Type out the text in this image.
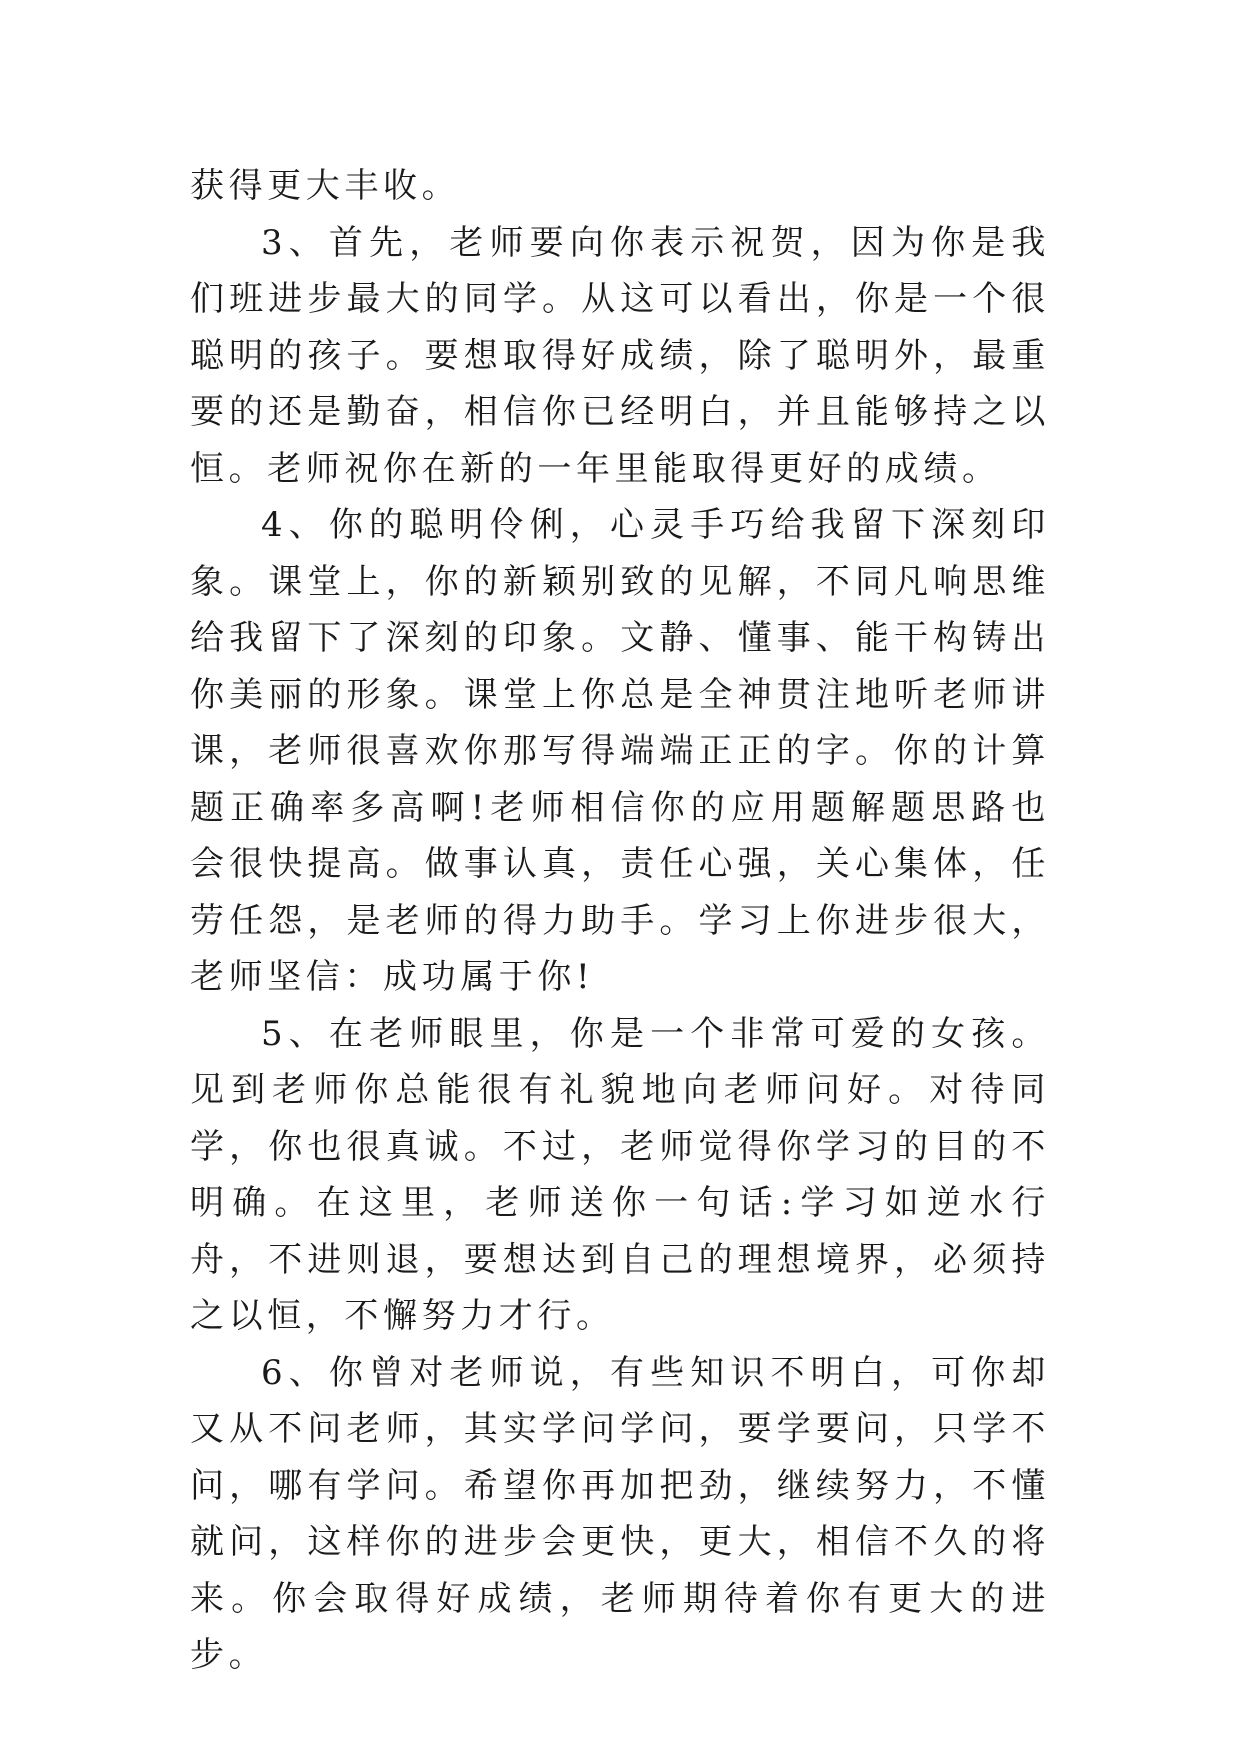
获得更大丰收。

3、首先，老师要向你表示祝贺，因为你是我们班进步最大的同学。从这可以看出，你是一个很聪明的孩子。要想取得好成绩，除了聪明外，最重要的还是勤奋，相信你已经明白，并且能够持之以恒。老师祝你在新的一年里能取得更好的成绩。

4、你的聪明伶俐，心灵手巧给我留下深刻印象。课堂上，你的新颖别致的见解，不同凡响思维给我留下了深刻的印象。文静、懂事、能干构铸出你美丽的形象。课堂上你总是全神贯注地听老师讲课，老师很喜欢你那写得端端正正的字。你的计算题正确率多高啊!老师相信你的应用题解题思路也会很快提高。做事认真，责任心强，关心集体，任劳任怨，是老师的得力助手。学习上你进步很大，老师坚信：成功属于你!

5、在老师眼里，你是一个非常可爱的女孩。见到老师你总能很有礼貌地向老师问好。对待同学，你也很真诚。不过，老师觉得你学习的目的不明确。在这里，老师送你一句话:学习如逆水行舟，不进则退，要想达到自己的理想境界，必须持之以恒，不懈努力才行。

6、你曾对老师说，有些知识不明白，可你却又从不问老师，其实学问学问，要学要问，只学不问，哪有学问。希望你再加把劲，继续努力，不懂就问，这样你的进步会更快，更大，相信不久的将来。你会取得好成绩，老师期待着你有更大的进步。
